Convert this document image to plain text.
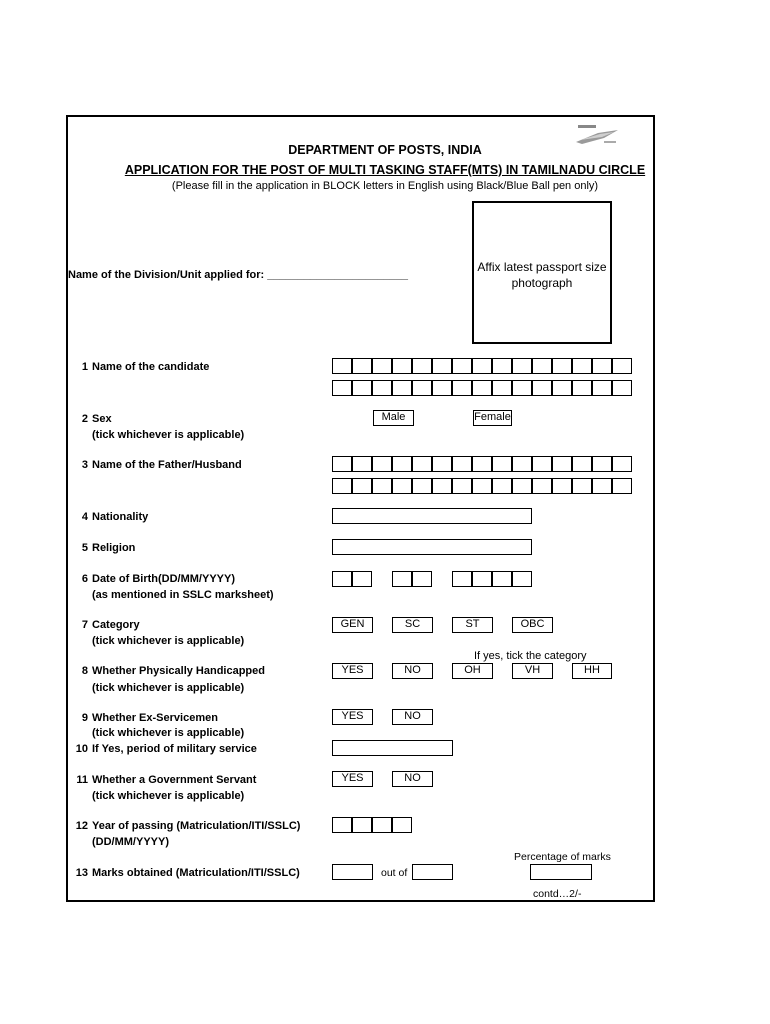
DEPARTMENT OF POSTS, INDIA
APPLICATION FOR THE POST OF MULTI TASKING STAFF(MTS) IN TAMILNADU CIRCLE
(Please fill in the application in BLOCK letters in English using Black/Blue Ball pen only)
Name of the Division/Unit applied for: _______________________
Affix latest passport size
photograph
1 Name of the candidate
2 Sex
(tick whichever is applicable)
Male	Female
3 Name of the Father/Husband
4 Nationality
5 Religion
6 Date of Birth(DD/MM/YYYY)
(as mentioned in SSLC marksheet)
7 Category
(tick whichever is applicable)
GEN	SC	ST	OBC
If yes, tick the category
8 Whether Physically Handicapped
(tick whichever is applicable)
YES	NO	OH	VH	HH
9 Whether Ex-Servicemen
(tick whichever is applicable)
YES	NO
10 If Yes, period of military service
11 Whether a Government Servant
(tick whichever is applicable)
YES	NO
12 Year of passing (Matriculation/ITI/SSLC)
(DD/MM/YYYY)
Percentage of marks
13 Marks obtained (Matriculation/ITI/SSLC)	out of
contd…2/-
